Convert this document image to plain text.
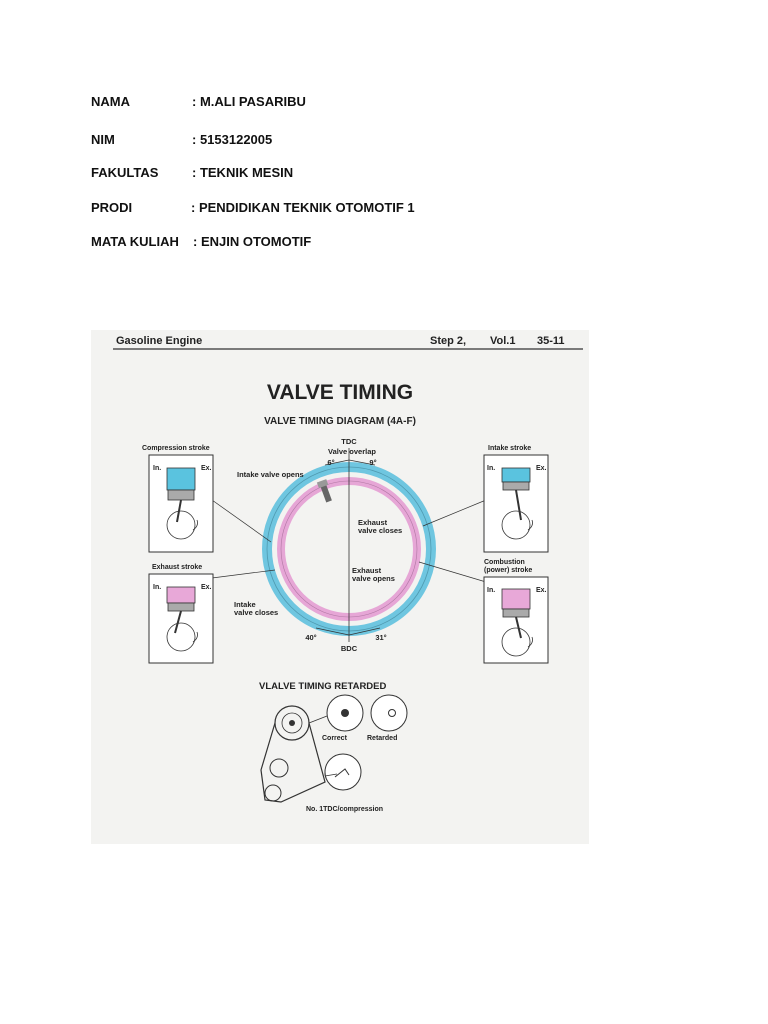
NAMA	: M.ALI PASARIBU
NIM	: 5153122005
FAKULTAS	: TEKNIK MESIN
PRODI	: PENDIDIKAN TEKNIK OTOMOTIF 1
MATA KULIAH : ENJIN OTOMOTIF
Gasoline Engine	Step 2, Vol.1 35-11
VALVE TIMING
VALVE TIMING DIAGRAM (4A-F)
TDC
Valve overlap
6°	9°
Intake valve opens
Exhaust
valve closes
Exhaust
valve opens
Intake
valve closes
40°	31°
BDC
Compression stroke
In.	Ex.
Intake stroke
In.	Ex.
Exhaust stroke
In.	Ex.
Combustion
(power) stroke
In.	Ex.
VLALVE TIMING RETARDED
Correct	Retarded
No. 1TDC/compression
